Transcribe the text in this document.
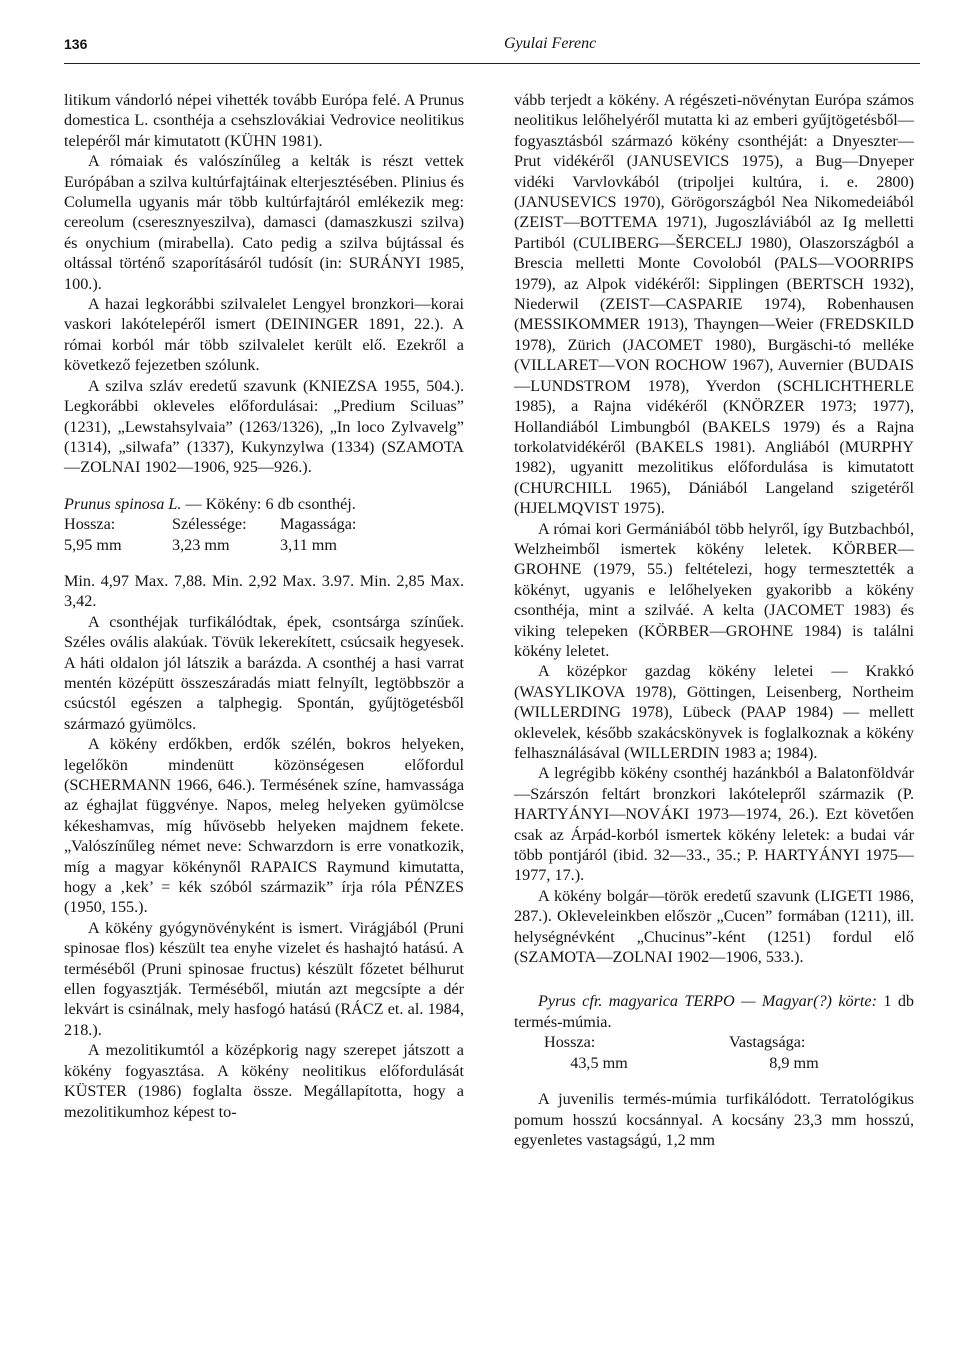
136	Gyulai Ferenc

litikum vándorló népei vihették tovább Európa felé. A Prunus domestica L. csonthéja a csehszlovákiai Vedrovice neolitikus telepéről már kimutatott (KÜHN 1981).

A rómaiak és valószínűleg a kelták is részt vettek Európában a szilva kultúrfajtáinak elterjesztésében. Plinius és Columella ugyanis már több kultúrfajtáról emlékezik meg: cereolum (cseresznyeszilva), damasci (damaszkuszi szilva) és onychium (mirabella). Cato pedig a szilva bújtással és oltással történő szaporításáról tudósít (in: SURÁNYI 1985, 100.).

A hazai legkorábbi szilvalelet Lengyel bronzkori—korai vaskori lakótelepéről ismert (DEININGER 1891, 22.). A római korból már több szilvalelet került elő. Ezekről a következő fejezetben szólunk.

A szilva szláv eredetű szavunk (KNIEZSA 1955, 504.). Legkorábbi okleveles előfordulásai: „Predium Sciluas” (1231), „Lewstahsylvaia” (1263/1326), „In loco Zylvavelg” (1314), „silwafa” (1337), Kukynzylwa (1334) (SZAMOTA—ZOLNAI 1902—1906, 925—926.).

Prunus spinosa L. — Kökény: 6 db csonthéj.

Hossza:	Szélessége:	Magassága:
5,95 mm	3,23 mm	3,11 mm

Min. 4,97 Max. 7,88. Min. 2,92 Max. 3.97. Min. 2,85 Max. 3,42.

A csonthéjak turfikálódtak, épek, csontsárga színűek. Széles ovális alakúak. Tövük lekerekített, csúcsaik hegyesek. A háti oldalon jól látszik a barázda. A csonthéj a hasi varrat mentén középütt összeszáradás miatt felnyílt, legtöbbször a csúcstól egészen a talphegig. Spontán, gyűjtögetésből származó gyümölcs.

A kökény erdőkben, erdők szélén, bokros helyeken, legelőkön mindenütt közönségesen előfordul (SCHERMANN 1966, 646.). Termésének színe, hamvassága az éghajlat függvénye. Napos, meleg helyeken gyümölcse kékeshamvas, míg hűvösebb helyeken majdnem fekete. „Valószínűleg német neve: Schwarzdorn is erre vonatkozik, míg a magyar kökénynől RAPAICS Raymund kimutatta, hogy a ‚kek’ = kék szóból származik” írja róla PÉNZES (1950, 155.).

A kökény gyógynövényként is ismert. Virágjából (Pruni spinosae flos) készült tea enyhe vizelet és hashajtó hatású. A terméséből (Pruni spinosae fructus) készült főzetet bélhurut ellen fogyasztják. Terméséből, miután azt megcsípte a dér lekvárt is csinálnak, mely hasfogó hatású (RÁCZ et. al. 1984, 218.).

A mezolitikumtól a középkorig nagy szerepet játszott a kökény fogyasztása. A kökény neolitikus előfordulását KÜSTER (1986) foglalta össze. Megállapította, hogy a mezolitikumhoz képest to-

vább terjedt a kökény. A régészeti-növénytan Európa számos neolitikus lelőhelyéről mutatta ki az emberi gyűjtögetésből—fogyasztásból származó kökény csonthéját: a Dnyeszter—Prut vidékéről (JANUSEVICS 1975), a Bug—Dnyeper vidéki Varvlovkából (tripoljei kultúra, i. e. 2800) (JANUSEVICS 1970), Görögországból Nea Nikomedeiából (ZEIST—BOTTEMA 1971), Jugoszláviából az Ig melletti Partiból (CULIBERG—ŠERCELJ 1980), Olaszországból a Brescia melletti Monte Covoloból (PALS—VOORRIPS 1979), az Alpok vidékéről: Sipplingen (BERTSCH 1932), Niederwil (ZEIST—CASPARIE 1974), Robenhausen (MESSIKOMMER 1913), Thayngen—Weier (FREDSKILD 1978), Zürich (JACOMET 1980), Burgäschi-tó melléke (VILLARET—VON ROCHOW 1967), Auvernier (BUDAIS—LUNDSTROM 1978), Yverdon (SCHLICHTHERLE 1985), a Rajna vidékéről (KNÖRZER 1973; 1977), Hollandiából Limbungból (BAKELS 1979) és a Rajna torkolatvidékéről (BAKELS 1981). Angliából (MURPHY 1982), ugyanitt mezolitikus előfordulása is kimutatott (CHURCHILL 1965), Dániából Langeland szigetéről (HJELMQVIST 1975).

A római kori Germániából több helyről, így Butzbachból, Welzheimből ismertek kökény leletek. KÖRBER—GROHNE (1979, 55.) feltételezi, hogy termesztették a kökényt, ugyanis e lelőhelyeken gyakoribb a kökény csonthéja, mint a szilváé. A kelta (JACOMET 1983) és viking telepeken (KÖRBER—GROHNE 1984) is találni kökény leletet.

A középkor gazdag kökény leletei — Krakkó (WASYLIKOVA 1978), Göttingen, Leisenberg, Northeim (WILLERDING 1978), Lübeck (PAAP 1984) — mellett oklevelek, később szakácskönyvek is foglalkoznak a kökény felhasználásával (WILLERDIN 1983 a; 1984).

A legrégibb kökény csonthéj hazánkból a Balatonföldvár—Szárszón feltárt bronzkori lakótelepről származik (P. HARTYÁNYI—NOVÁKI 1973—1974, 26.). Ezt követően csak az Árpád-korból ismertek kökény leletek: a budai vár több pontjáról (ibid. 32—33., 35.; P. HARTYÁNYI 1975—1977, 17.).

A kökény bolgár—török eredetű szavunk (LIGETI 1986, 287.). Okleveleinkben először „Cucen” formában (1211), ill. helységnévként „Chucinus”-ként (1251) fordul elő (SZAMOTA—ZOLNAI 1902—1906, 533.).

Pyrus cfr. magyarica TERPO — Magyar(?) körte: 1 db termés-múmia.

Hossza:	Vastagsága:
43,5 mm	8,9 mm

A juvenilis termés-múmia turfikálódott. Terratológikus pomum hosszú kocsánnyal. A kocsány 23,3 mm hosszú, egyenletes vastagságú, 1,2 mm
